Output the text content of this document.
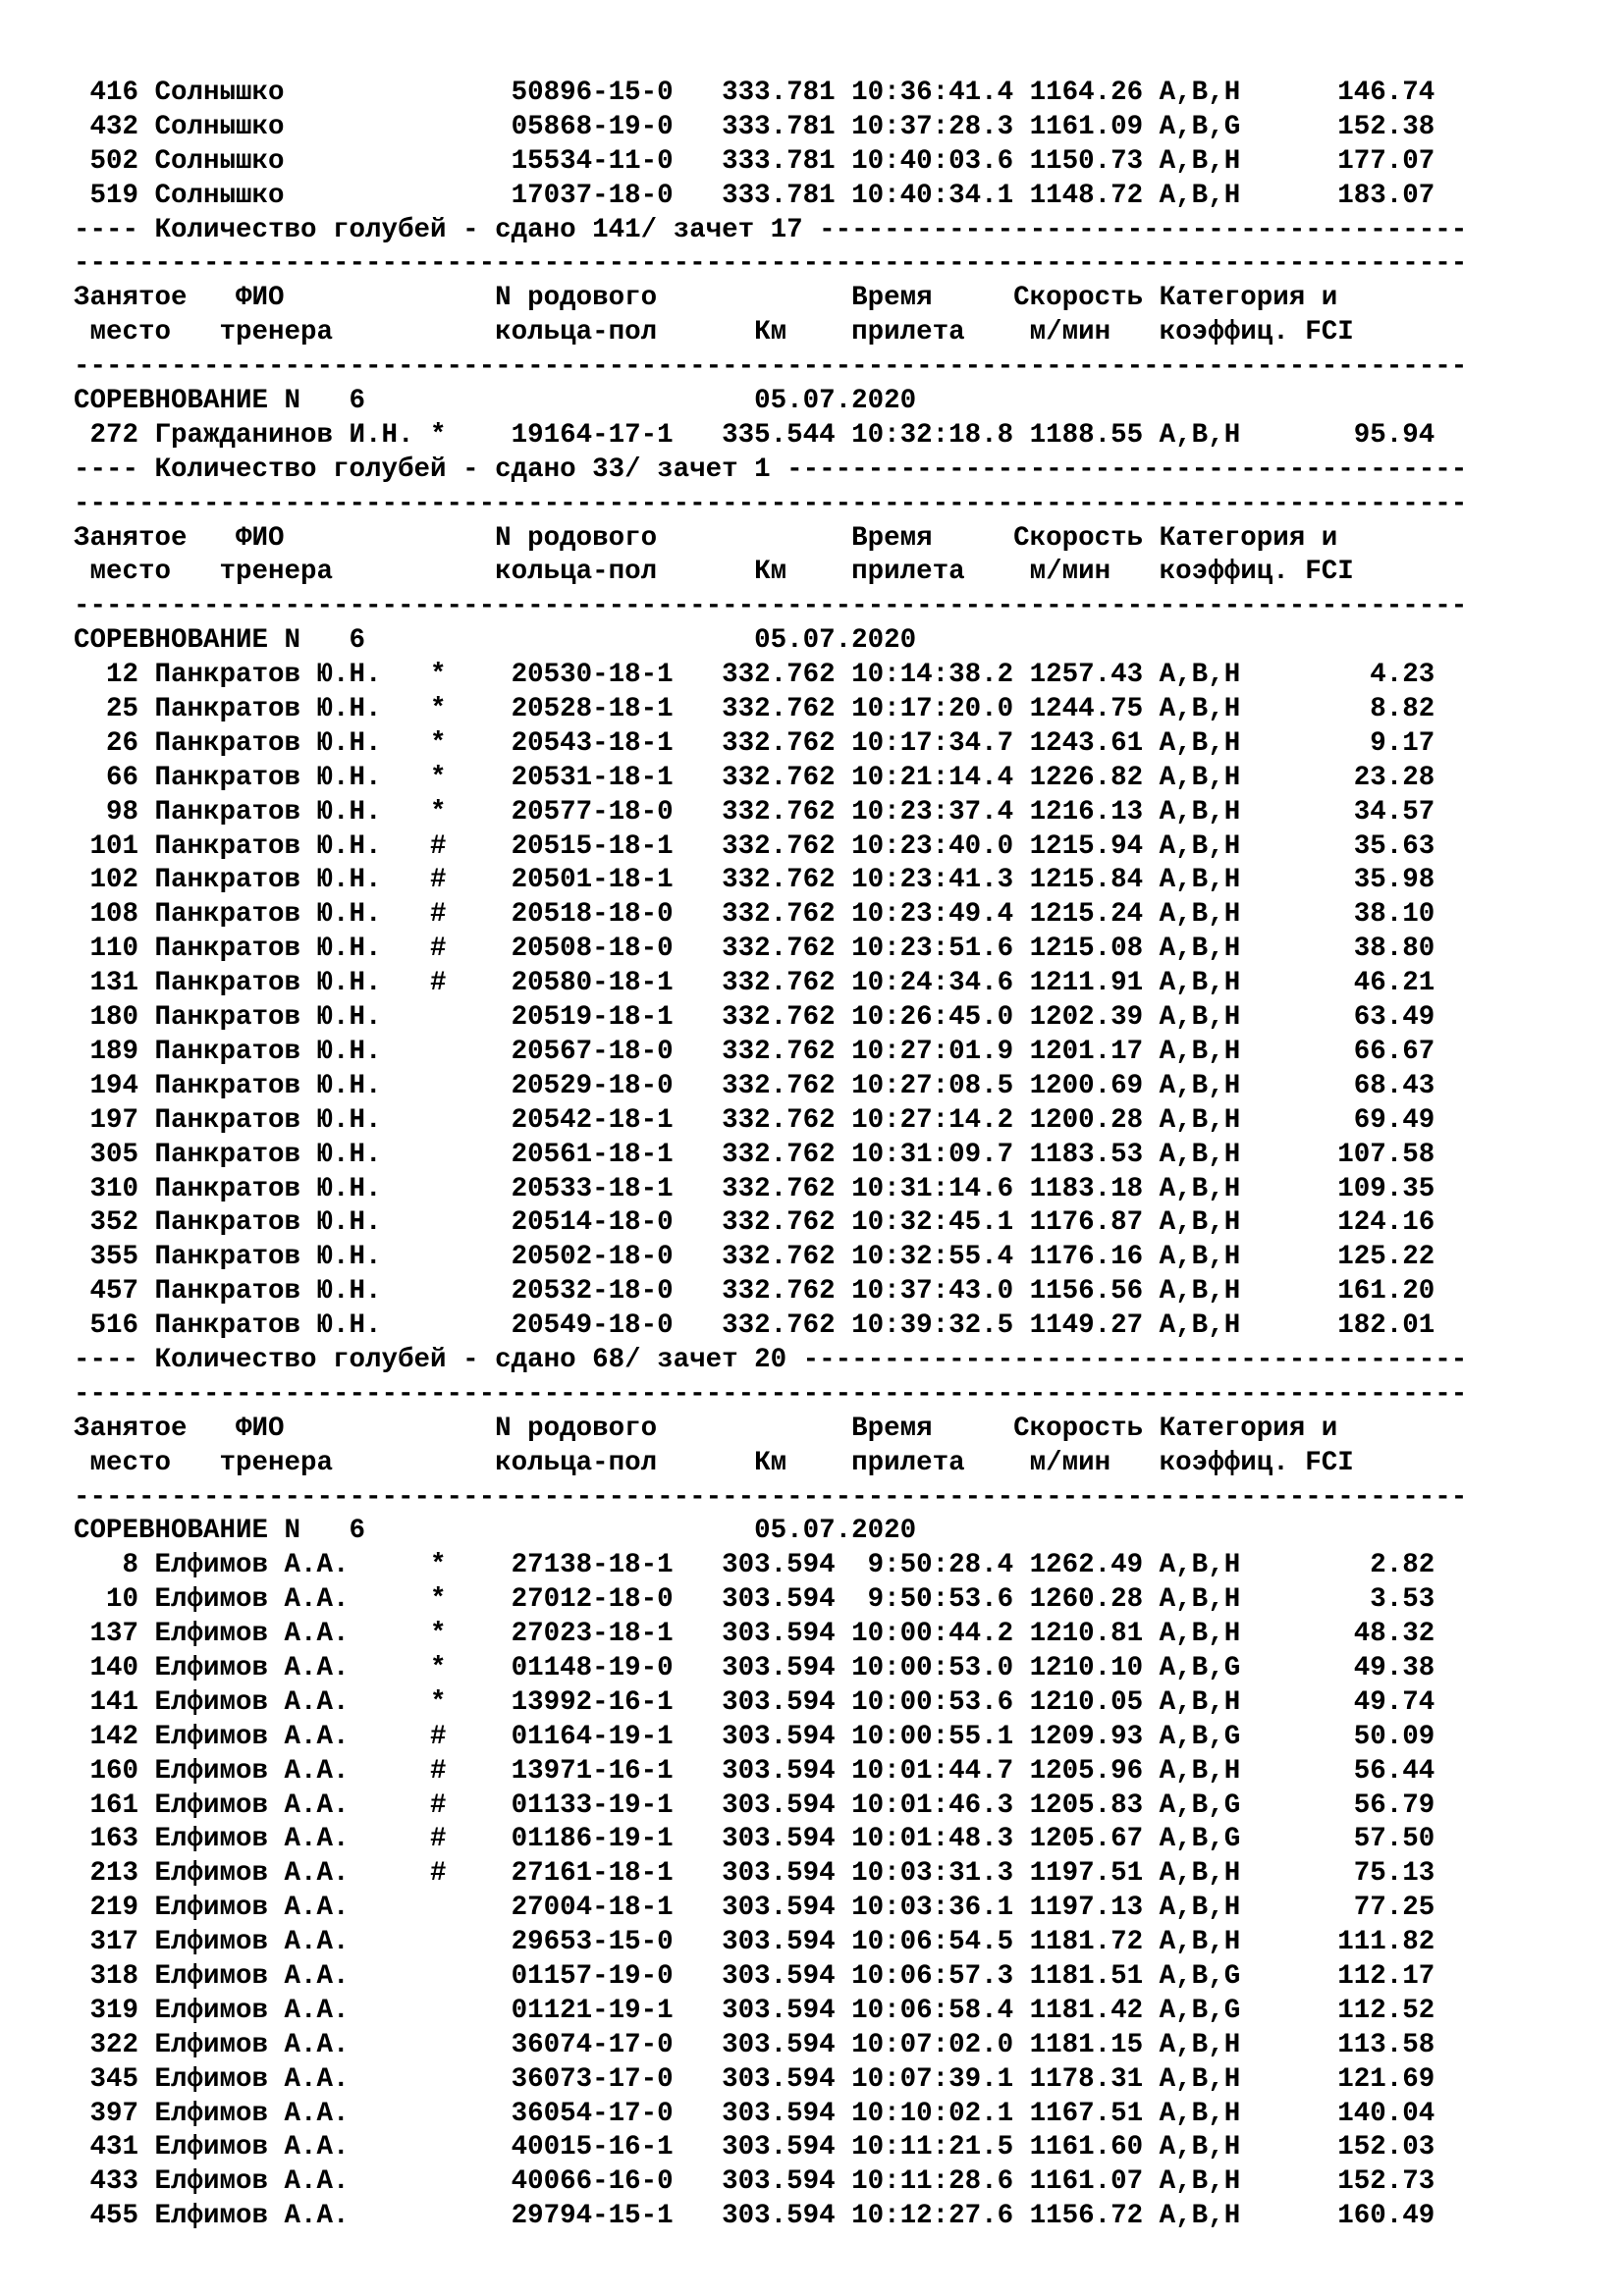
416 Солнышко              50896-15-0   333.781 10:36:41.4 1164.26 A,B,H      146.74
432 Солнышко              05868-19-0   333.781 10:37:28.3 1161.09 A,B,G      152.38
502 Солнышко              15534-11-0   333.781 10:40:03.6 1150.73 A,B,H      177.07
519 Солнышко              17037-18-0   333.781 10:40:34.1 1148.72 A,B,H      183.07
---- Количество голубей - сдано 141/ зачет 17 ----------------------------------------
--------------------------------------------------------------------------------------
Занятое   ФИО             N родового            Время     Скорость Категория и
место   тренера          кольца-пол      Км    прилета    м/мин   коэффиц. FCI
--------------------------------------------------------------------------------------
СОРЕВНОВАНИЕ N   6                        05.07.2020
272 Гражданинов И.Н. *    19164-17-1   335.544 10:32:18.8 1188.55 A,B,H       95.94
---- Количество голубей - сдано 33/ зачет 1 ------------------------------------------
--------------------------------------------------------------------------------------
Занятое   ФИО             N родового            Время     Скорость Категория и
место   тренера          кольца-пол      Км    прилета    м/мин   коэффиц. FCI
--------------------------------------------------------------------------------------
СОРЕВНОВАНИЕ N   6                        05.07.2020
12 Панкратов Ю.Н.   *    20530-18-1   332.762 10:14:38.2 1257.43 A,B,H        4.23
25 Панкратов Ю.Н.   *    20528-18-1   332.762 10:17:20.0 1244.75 A,B,H        8.82
26 Панкратов Ю.Н.   *    20543-18-1   332.762 10:17:34.7 1243.61 A,B,H        9.17
66 Панкратов Ю.Н.   *    20531-18-1   332.762 10:21:14.4 1226.82 A,B,H       23.28
98 Панкратов Ю.Н.   *    20577-18-0   332.762 10:23:37.4 1216.13 A,B,H       34.57
101 Панкратов Ю.Н.   #    20515-18-1   332.762 10:23:40.0 1215.94 A,B,H       35.63
102 Панкратов Ю.Н.   #    20501-18-1   332.762 10:23:41.3 1215.84 A,B,H       35.98
108 Панкратов Ю.Н.   #    20518-18-0   332.762 10:23:49.4 1215.24 A,B,H       38.10
110 Панкратов Ю.Н.   #    20508-18-0   332.762 10:23:51.6 1215.08 A,B,H       38.80
131 Панкратов Ю.Н.   #    20580-18-1   332.762 10:24:34.6 1211.91 A,B,H       46.21
180 Панкратов Ю.Н.        20519-18-1   332.762 10:26:45.0 1202.39 A,B,H       63.49
189 Панкратов Ю.Н.        20567-18-0   332.762 10:27:01.9 1201.17 A,B,H       66.67
194 Панкратов Ю.Н.        20529-18-0   332.762 10:27:08.5 1200.69 A,B,H       68.43
197 Панкратов Ю.Н.        20542-18-1   332.762 10:27:14.2 1200.28 A,B,H       69.49
305 Панкратов Ю.Н.        20561-18-1   332.762 10:31:09.7 1183.53 A,B,H      107.58
310 Панкратов Ю.Н.        20533-18-1   332.762 10:31:14.6 1183.18 A,B,H      109.35
352 Панкратов Ю.Н.        20514-18-0   332.762 10:32:45.1 1176.87 A,B,H      124.16
355 Панкратов Ю.Н.        20502-18-0   332.762 10:32:55.4 1176.16 A,B,H      125.22
457 Панкратов Ю.Н.        20532-18-0   332.762 10:37:43.0 1156.56 A,B,H      161.20
516 Панкратов Ю.Н.        20549-18-0   332.762 10:39:32.5 1149.27 A,B,H      182.01
---- Количество голубей - сдано 68/ зачет 20 -----------------------------------------
--------------------------------------------------------------------------------------
Занятое   ФИО             N родового            Время     Скорость Категория и
место   тренера          кольца-пол      Км    прилета    м/мин   коэффиц. FCI
--------------------------------------------------------------------------------------
СОРЕВНОВАНИЕ N   6                        05.07.2020
8 Елфимов А.А.     *    27138-18-1   303.594  9:50:28.4 1262.49 A,B,H        2.82
10 Елфимов А.А.     *    27012-18-0   303.594  9:50:53.6 1260.28 A,B,H        3.53
137 Елфимов А.А.     *    27023-18-1   303.594 10:00:44.2 1210.81 A,B,H       48.32
140 Елфимов А.А.     *    01148-19-0   303.594 10:00:53.0 1210.10 A,B,G       49.38
141 Елфимов А.А.     *    13992-16-1   303.594 10:00:53.6 1210.05 A,B,H       49.74
142 Елфимов А.А.     #    01164-19-1   303.594 10:00:55.1 1209.93 A,B,G       50.09
160 Елфимов А.А.     #    13971-16-1   303.594 10:01:44.7 1205.96 A,B,H       56.44
161 Елфимов А.А.     #    01133-19-1   303.594 10:01:46.3 1205.83 A,B,G       56.79
163 Елфимов А.А.     #    01186-19-1   303.594 10:01:48.3 1205.67 A,B,G       57.50
213 Елфимов А.А.     #    27161-18-1   303.594 10:03:31.3 1197.51 A,B,H       75.13
219 Елфимов А.А.          27004-18-1   303.594 10:03:36.1 1197.13 A,B,H       77.25
317 Елфимов А.А.          29653-15-0   303.594 10:06:54.5 1181.72 A,B,H      111.82
318 Елфимов А.А.          01157-19-0   303.594 10:06:57.3 1181.51 A,B,G      112.17
319 Елфимов А.А.          01121-19-1   303.594 10:06:58.4 1181.42 A,B,G      112.52
322 Елфимов А.А.          36074-17-0   303.594 10:07:02.0 1181.15 A,B,H      113.58
345 Елфимов А.А.          36073-17-0   303.594 10:07:39.1 1178.31 A,B,H      121.69
397 Елфимов А.А.          36054-17-0   303.594 10:10:02.1 1167.51 A,B,H      140.04
431 Елфимов А.А.          40015-16-1   303.594 10:11:21.5 1161.60 A,B,H      152.03
433 Елфимов А.А.          40066-16-0   303.594 10:11:28.6 1161.07 A,B,H      152.73
455 Елфимов А.А.          29794-15-1   303.594 10:12:27.6 1156.72 A,B,H      160.49
